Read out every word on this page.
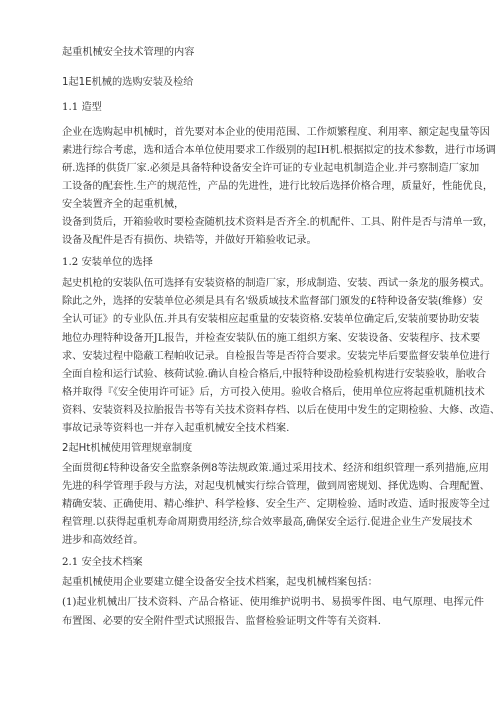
起重机械安全技术管理的内容
1起1E机械的选购安装及检给
1.1 造型
企业在选购起申机械时，首先要对本企业的使用范围、工作烦繁程度、利用率、额定起曳量等因
素进行综合考虑，选和适合本单位使用要求工作级别的起IH机.根据拟定的技术参数，进行市场调
研.选择的供货厂家.必须是具备特种设备安全许可证的专业起电机制造企业.并弓察制造厂家加
工设备的配套性.生产的规范性，产品的先进性，进行比较后选择价格合理，质量好，性能优良，
安全装置齐全的起重机械，
设备到货后，开箱验收时要检查随机技术资料是否齐全.的机配件、工具、附件是否与清单一致，
设备及配件是否有损伤、块锆等，并做好开箱验收记录。
1.2 安装单位的选择
起史机枪的安装队伍可选择有安装资格的制造厂家，形成制造、安装、西试一条龙的服务模式。
除此之外，选择的安装单位必须是具有名'级质域技术监督部门颁发的£特种设备安装(维修）安
全认可证》的专业队伍.并具有安装相应起重量的安装资格.安装单位确定后,安装前要协助安装
地位办理特种设备开JL报告，并检查安装队伍的施工组织方案、安装设备、安装程序、技术要
求、安装过程中隐蔽工程帕收记录。自检报告等是否符合要求。安装完毕后要监督安装单位进行
全面自检和运行试验、核荷试验.确认自检合格后,中报特种设劭检验机构进行安装验收，胎收合
格并取得『《安全使用许可证》后，方可投入使用。验收合格后，使用单位应将起重机随机技术
资料、安装资料及拉胎报告书等有关技术资料存档、以后在使用中发生的定期检验、大修、改造、
事故记录等资料也一并存入起重机械安全技术档案.
2起Ht机械使用管理规章制度
全面贯彻£特种设备安全监察条例8等法规政策.通过采用技术、经济和组织管理一系列措施,应用
先进的科学管理手段与方法，对起曳机械实行综合管理，做到周密规划、择优选购、合理配置、
精确安装、正确使用、精心维护、科学检修、安全生产、定期检验、适时改造、适时报废等全过
程管理.以获得起重机寿命周期费用经济,综合效率最高,确保安全运行.促进企业生产发展技术
进步和高效经首。
2.1 安全技术档案
起重机械使用企业要建立健全设备安全技术档案，起曳机械档案包括：
(1)起业机械出厂技术资料、产品合格证、使用维护说明书、易损零件图、电气原理、电挥元件
布置图、必要的安全附件型式试照报告、监督检验证明文件等有关资料.
